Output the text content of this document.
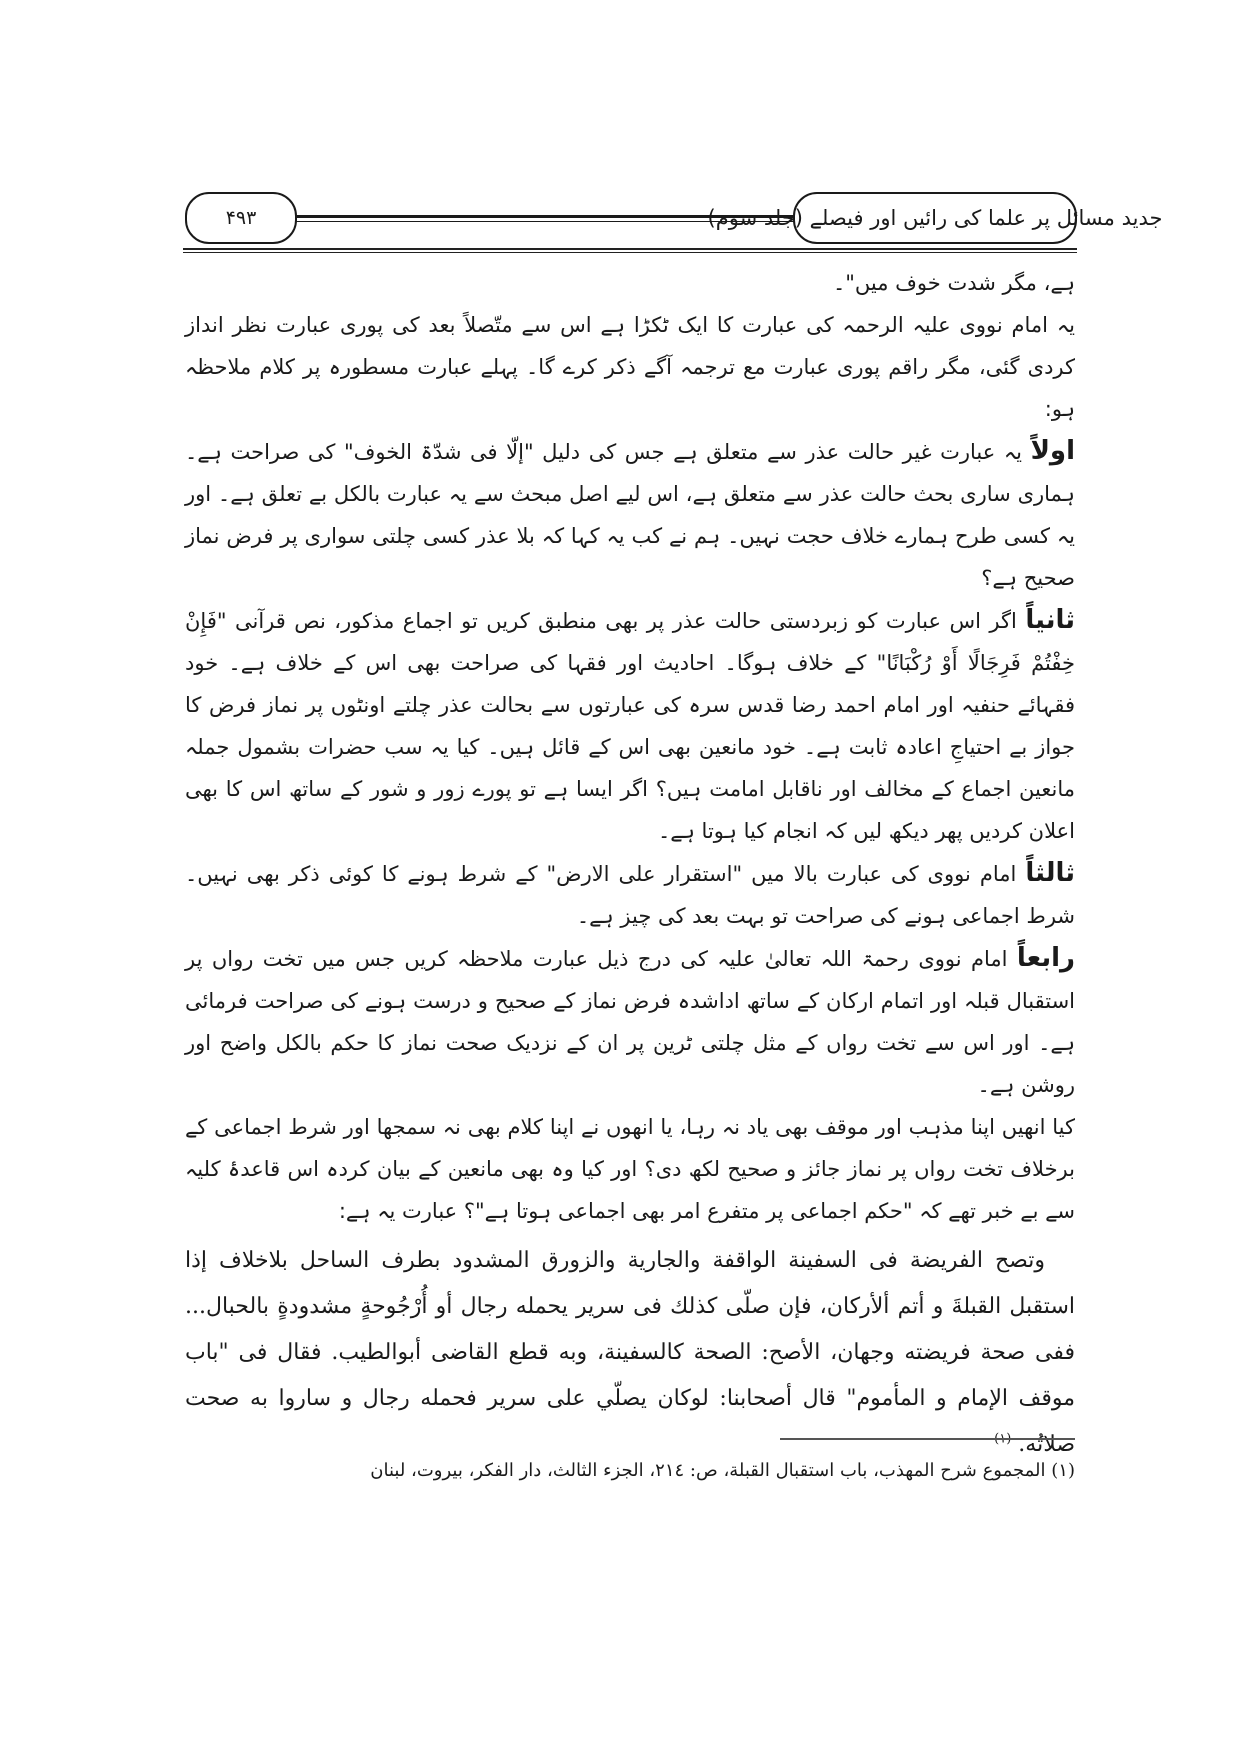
جدید مسائل پر علما کی رائیں اور فیصلے (جلد سوم)
۴۹۳

ہے، مگر شدت خوف میں"۔

یہ امام نووی علیہ الرحمہ کی عبارت کا ایک ٹکڑا ہے اس سے متّصلاً بعد کی پوری عبارت نظر انداز کردی گئی، مگر راقم پوری عبارت مع ترجمہ آگے ذکر کرے گا۔ پہلے عبارت مسطورہ پر کلام ملاحظہ ہو:

اولاً یہ عبارت غیر حالت عذر سے متعلق ہے جس کی دلیل "إلّا فی شدّۃ الخوف" کی صراحت ہے۔ ہماری ساری بحث حالت عذر سے متعلق ہے، اس لیے اصل مبحث سے یہ عبارت بالکل بے تعلق ہے۔ اور یہ کسی طرح ہمارے خلاف حجت نہیں۔ ہم نے کب یہ کہا کہ بلا عذر کسی چلتی سواری پر فرض نماز صحیح ہے؟

ثانیاً اگر اس عبارت کو زبردستی حالت عذر پر بھی منطبق کریں تو اجماع مذکور، نص قرآنی "فَإِنْ خِفْتُمْ فَرِجَالًا أَوْ رُكْبَانًا" کے خلاف ہوگا۔ احادیث اور فقہا کی صراحت بھی اس کے خلاف ہے۔ خود فقہائے حنفیہ اور امام احمد رضا قدس سرہ کی عبارتوں سے بحالت عذر چلتے اونٹوں پر نماز فرض کا جواز بے احتیاجِ اعادہ ثابت ہے۔ خود مانعین بھی اس کے قائل ہیں۔ کیا یہ سب حضرات بشمول جملہ مانعین اجماع کے مخالف اور ناقابل امامت ہیں؟ اگر ایسا ہے تو پورے زور و شور کے ساتھ اس کا بھی اعلان کردیں پھر دیکھ لیں کہ انجام کیا ہوتا ہے۔

ثالثاً امام نووی کی عبارت بالا میں "استقرار علی الارض" کے شرط ہونے کا کوئی ذکر بھی نہیں۔ شرط اجماعی ہونے کی صراحت تو بہت بعد کی چیز ہے۔

رابعاً امام نووی رحمۃ اللہ تعالیٰ علیہ کی درج ذیل عبارت ملاحظہ کریں جس میں تخت رواں پر استقبال قبلہ اور اتمام ارکان کے ساتھ اداشدہ فرض نماز کے صحیح و درست ہونے کی صراحت فرمائی ہے۔ اور اس سے تخت رواں کے مثل چلتی ٹرین پر ان کے نزدیک صحت نماز کا حکم بالکل واضح اور روشن ہے۔

کیا انھیں اپنا مذہب اور موقف بھی یاد نہ رہا، یا انھوں نے اپنا کلام بھی نہ سمجھا اور شرط اجماعی کے برخلاف تخت رواں پر نماز جائز و صحیح لکھ دی؟ اور کیا وہ بھی مانعین کے بیان کردہ اس قاعدۂ کلیہ سے بے خبر تھے کہ "حکم اجماعی پر متفرع امر بھی اجماعی ہوتا ہے"؟ عبارت یہ ہے:

وتصح الفريضة فى السفينة الواقفة والجارية والزورق المشدود بطرف الساحل بلاخلاف إذا استقبل القبلةَ و أتم ألأركان، فإن صلّى كذلك فى سرير يحمله رجال أو أُرْجُوحةٍ مشدودةٍ بالحبال... ففى صحة فريضته وجهان، الأصح: الصحة كالسفينة، وبه قطع القاضى أبوالطيب. فقال فى "باب موقف الإمام و المأموم" قال أصحابنا: لوكان يصلّي على سرير فحمله رجال و ساروا به صحت صلاتُه. $^{(۱)}$

(۱) المجموع شرح المهذب، باب استقبال القبلة، ص: ٢١٤، الجزء الثالث، دار الفكر، بيروت، لبنان
